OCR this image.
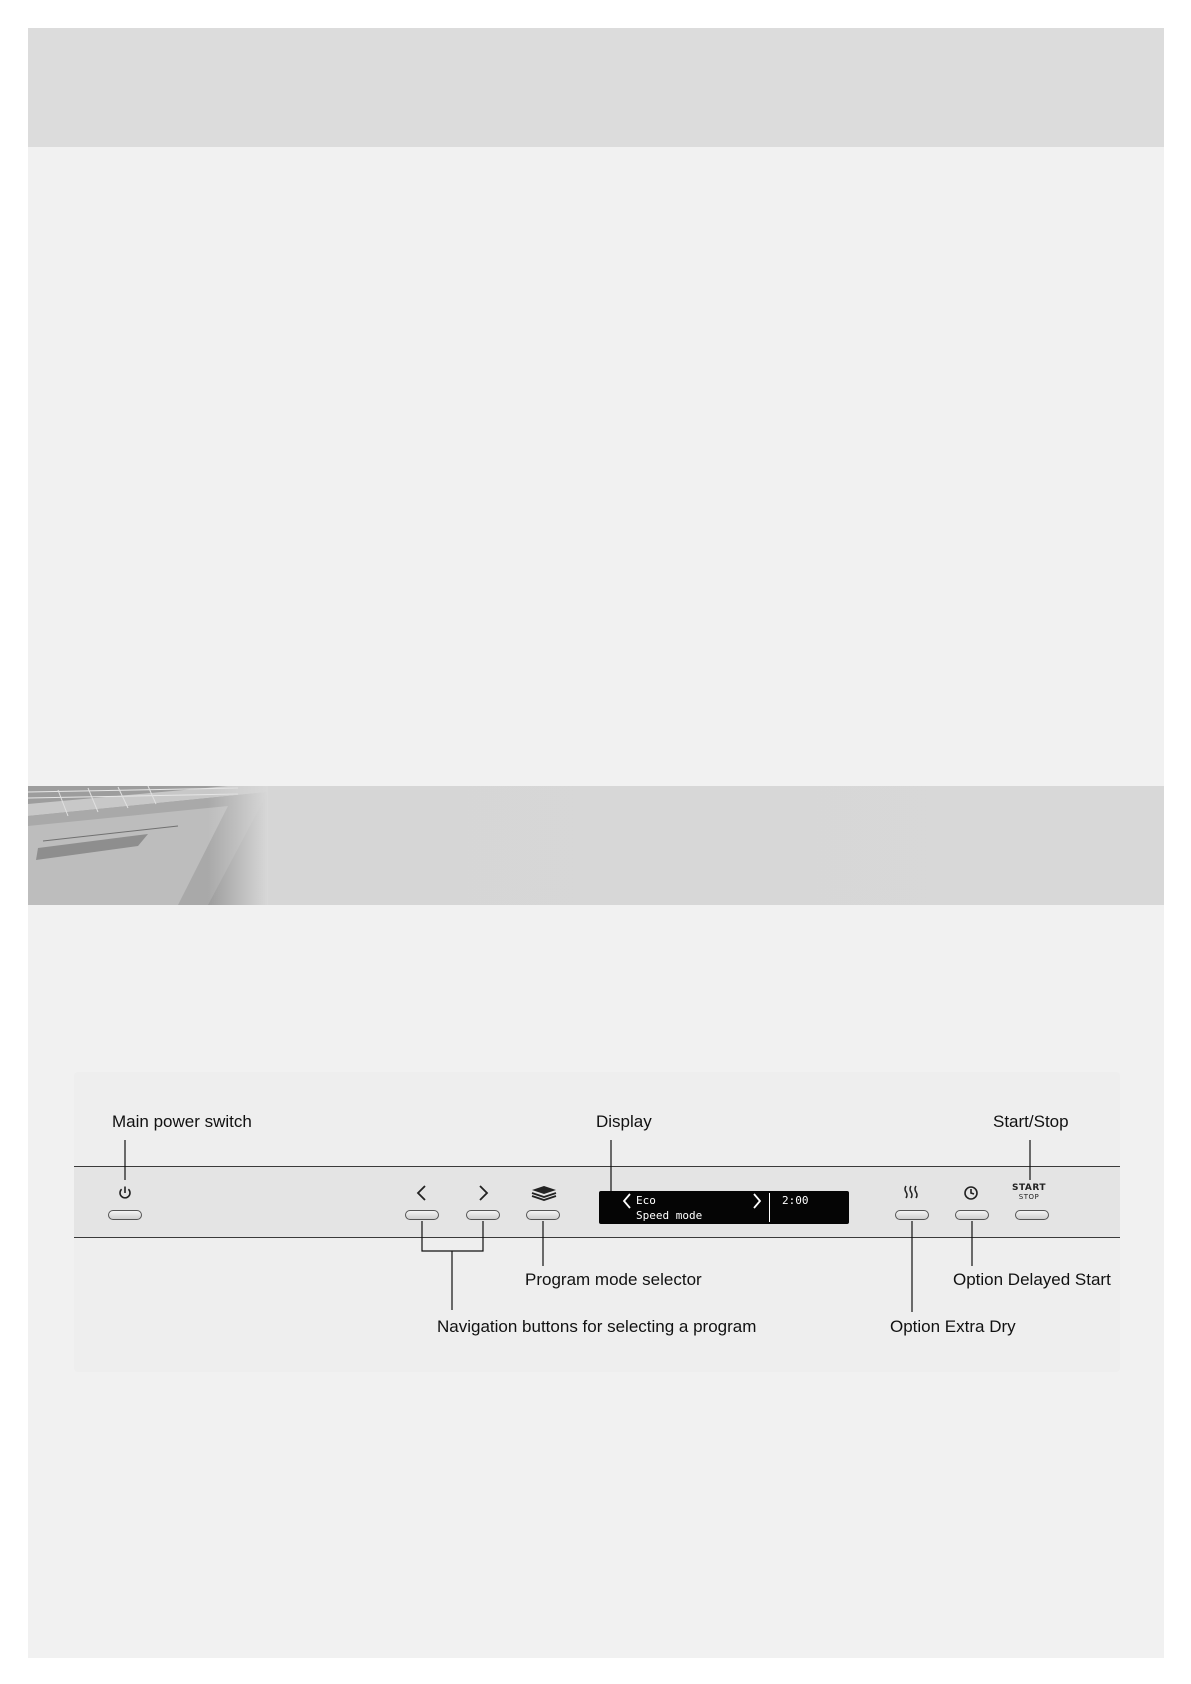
Main power switch	Display	Start/Stop
Program mode selector	Option Delayed Start
Navigation buttons for selecting a program	Option Extra Dry
Eco
Speed mode
2:00
START
STOP
